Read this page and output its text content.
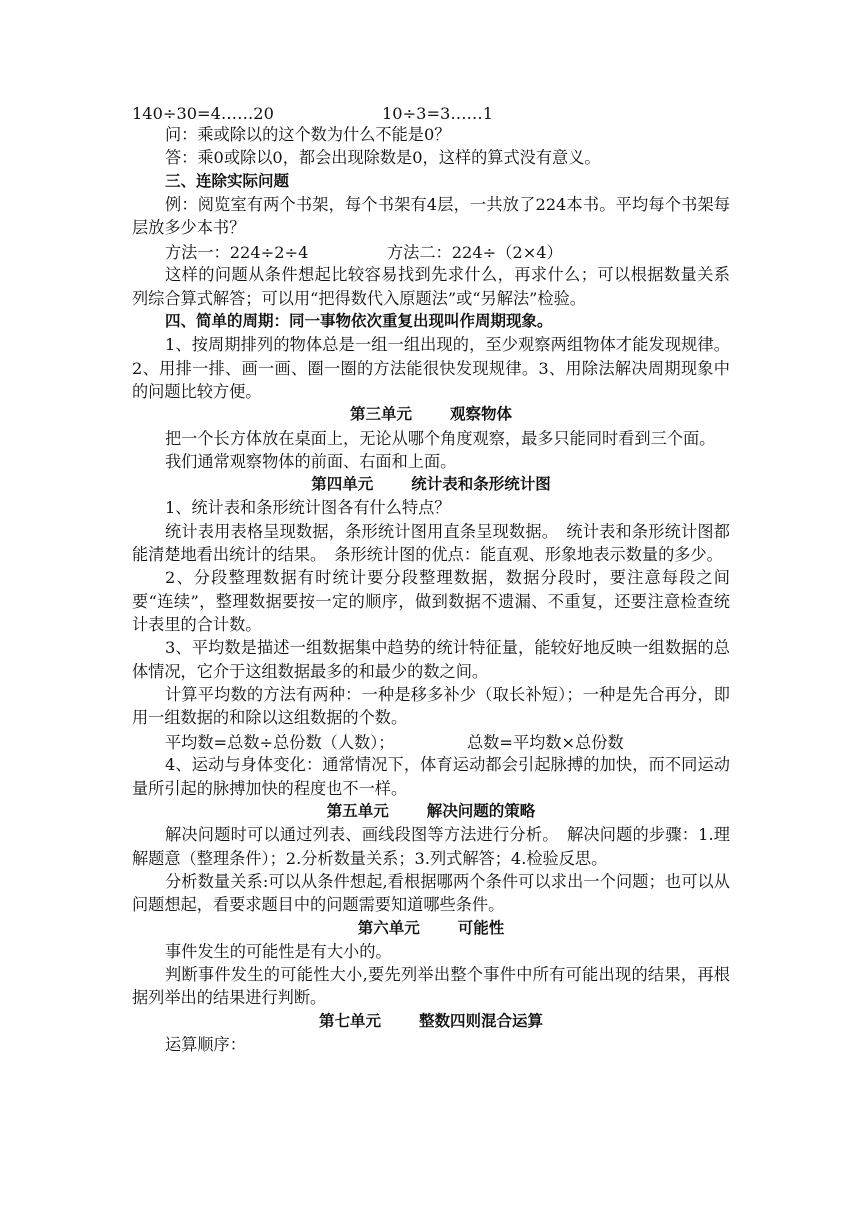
140÷30=4……20	10÷3=3……1

问：乘或除以的这个数为什么不能是0？

答：乘0或除以0，都会出现除数是0，这样的算式没有意义。

三、连除实际问题

例：阅览室有两个书架，每个书架有4层，一共放了224本书。平均每个书架每层放多少本书？

方法一：224÷2÷4	方法二：224÷（2×4）

这样的问题从条件想起比较容易找到先求什么，再求什么；可以根据数量关系列综合算式解答；可以用“把得数代入原题法”或“另解法”检验。

四、简单的周期：同一事物依次重复出现叫作周期现象。

1、按周期排列的物体总是一组一组出现的，至少观察两组物体才能发现规律。2、用排一排、画一画、圈一圈的方法能很快发现规律。3、用除法解决周期现象中的问题比较方便。

第三单元 观察物体

把一个长方体放在桌面上，无论从哪个角度观察，最多只能同时看到三个面。

我们通常观察物体的前面、右面和上面。

第四单元 统计表和条形统计图

1、统计表和条形统计图各有什么特点？

统计表用表格呈现数据，条形统计图用直条呈现数据。　统计表和条形统计图都能清楚地看出统计的结果。　条形统计图的优点：能直观、形象地表示数量的多少。

2、分段整理数据有时统计要分段整理数据，数据分段时，要注意每段之间要“连续”，整理数据要按一定的顺序，做到数据不遗漏、不重复，还要注意检查统计表里的合计数。

3、平均数是描述一组数据集中趋势的统计特征量，能较好地反映一组数据的总体情况，它介于这组数据最多的和最少的数之间。

计算平均数的方法有两种：一种是移多补少（取长补短）；一种是先合再分，即用一组数据的和除以这组数据的个数。

平均数=总数÷总份数（人数）；	总数=平均数×总份数

4、运动与身体变化：通常情况下，体育运动都会引起脉搏的加快，而不同运动量所引起的脉搏加快的程度也不一样。

第五单元 解决问题的策略

解决问题时可以通过列表、画线段图等方法进行分析。　解决问题的步骤：1.理解题意（整理条件）；2.分析数量关系；3.列式解答；4.检验反思。

分析数量关系:可以从条件想起,看根据哪两个条件可以求出一个问题；也可以从问题想起，看要求题目中的问题需要知道哪些条件。

第六单元 可能性

事件发生的可能性是有大小的。

判断事件发生的可能性大小,要先列举出整个事件中所有可能出现的结果，再根据列举出的结果进行判断。

第七单元 整数四则混合运算

运算顺序：
